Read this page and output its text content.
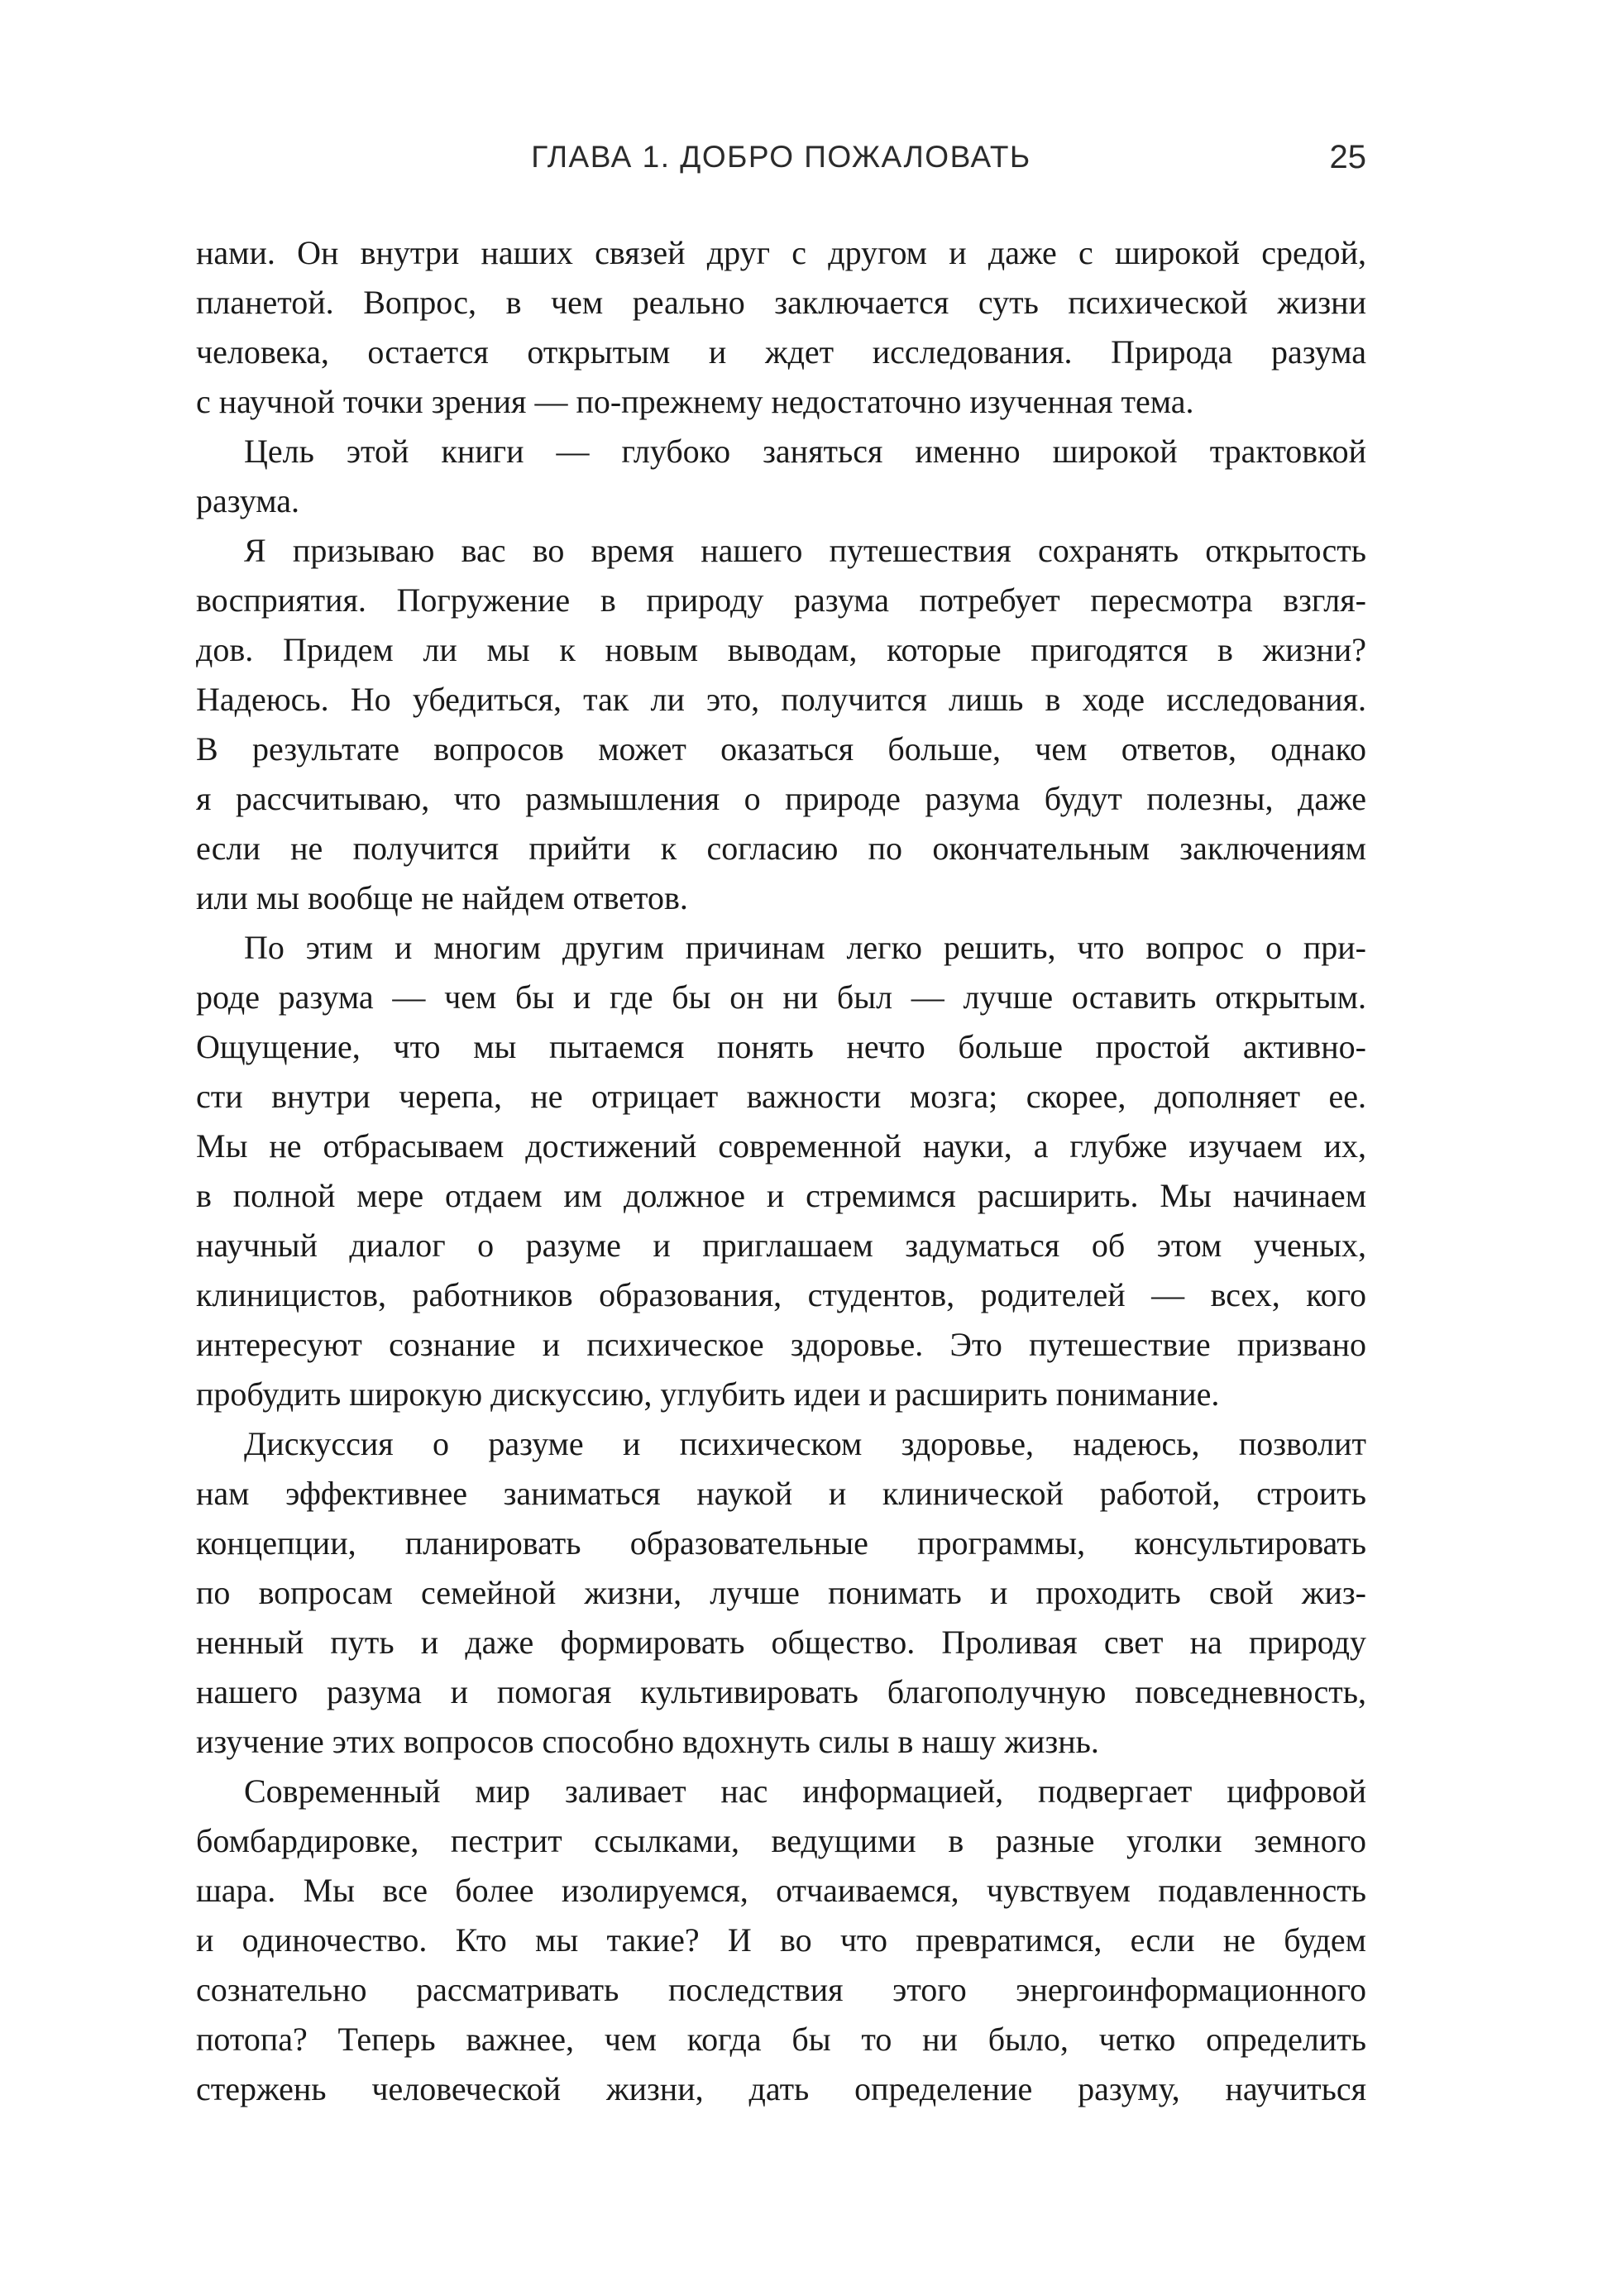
ГЛАВА 1. ДОБРО ПОЖАЛОВАТЬ	25
нами. Он внутри наших связей друг с другом и даже с широкой средой,
планетой. Вопрос, в чем реально заключается суть психической жизни
человека, остается открытым и ждет исследования. Природа разума
с научной точки зрения — по-прежнему недостаточно изученная тема.
Цель этой книги — глубоко заняться именно широкой трактовкой
разума.
Я призываю вас во время нашего путешествия сохранять открытость
восприятия. Погружение в природу разума потребует пересмотра взгля-
дов. Придем ли мы к новым выводам, которые пригодятся в жизни?
Надеюсь. Но убедиться, так ли это, получится лишь в ходе исследования.
В результате вопросов может оказаться больше, чем ответов, однако
я рассчитываю, что размышления о природе разума будут полезны, даже
если не получится прийти к согласию по окончательным заключениям
или мы вообще не найдем ответов.
По этим и многим другим причинам легко решить, что вопрос о при-
роде разума — чем бы и где бы он ни был — лучше оставить открытым.
Ощущение, что мы пытаемся понять нечто больше простой активно-
сти внутри черепа, не отрицает важности мозга; скорее, дополняет ее.
Мы не отбрасываем достижений современной науки, а глубже изучаем их,
в полной мере отдаем им должное и стремимся расширить. Мы начинаем
научный диалог о разуме и приглашаем задуматься об этом ученых,
клиницистов, работников образования, студентов, родителей — всех, кого
интересуют сознание и психическое здоровье. Это путешествие призвано
пробудить широкую дискуссию, углубить идеи и расширить понимание.
Дискуссия о разуме и психическом здоровье, надеюсь, позволит
нам эффективнее заниматься наукой и клинической работой, строить
концепции, планировать образовательные программы, консультировать
по вопросам семейной жизни, лучше понимать и проходить свой жиз-
ненный путь и даже формировать общество. Проливая свет на природу
нашего разума и помогая культивировать благополучную повседневность,
изучение этих вопросов способно вдохнуть силы в нашу жизнь.
Современный мир заливает нас информацией, подвергает цифровой
бомбардировке, пестрит ссылками, ведущими в разные уголки земного
шара. Мы все более изолируемся, отчаиваемся, чувствуем подавленность
и одиночество. Кто мы такие? И во что превратимся, если не будем
сознательно рассматривать последствия этого энергоинформационного
потопа? Теперь важнее, чем когда бы то ни было, четко определить
стержень человеческой жизни, дать определение разуму, научиться
